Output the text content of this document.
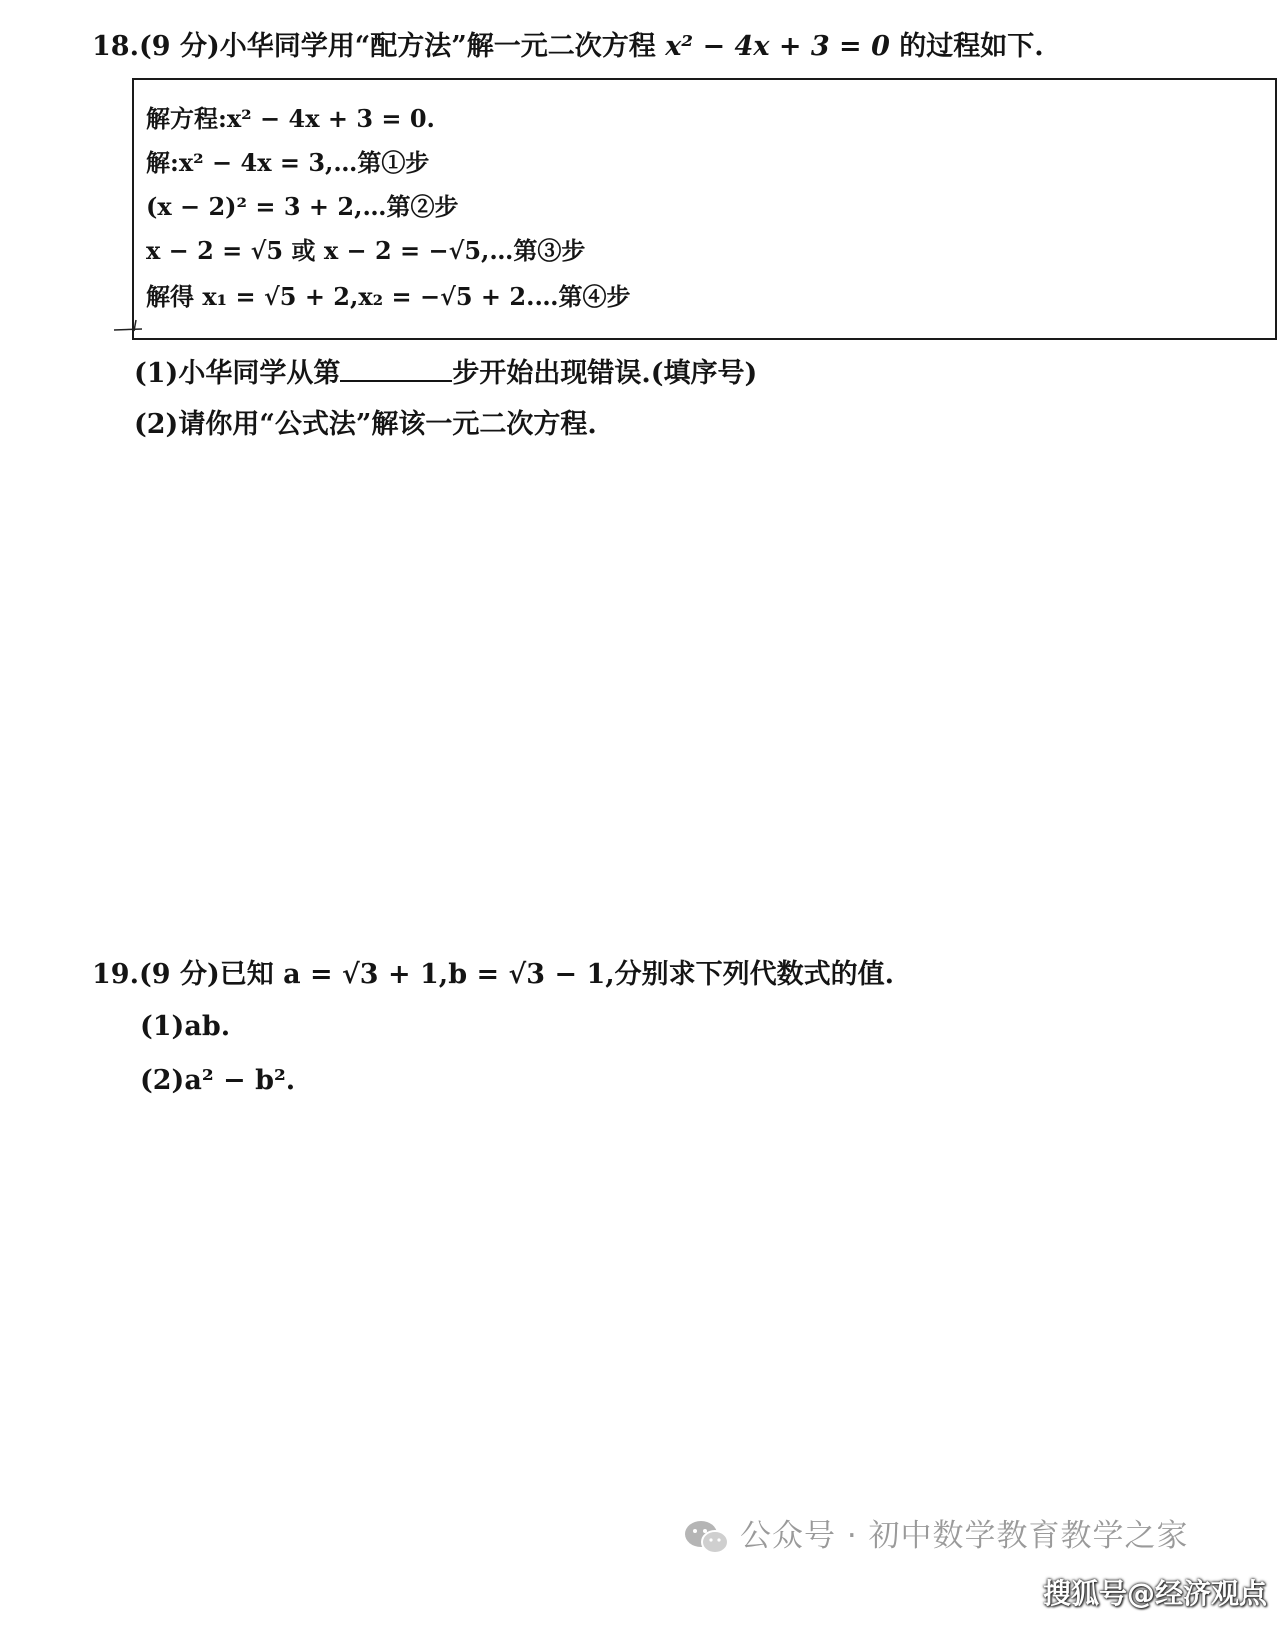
18.(9 分)小华同学用“配方法”解一元二次方程 x² − 4x + 3 = 0 的过程如下.
解方程:x² − 4x + 3 = 0.
解:x² − 4x = 3,…第①步
(x − 2)² = 3 + 2,…第②步
x − 2 = √5 或 x − 2 = −√5,…第③步
解得 x₁ = √5 + 2,x₂ = −√5 + 2.…第④步
(1)小华同学从第	步开始出现错误.(填序号)
(2)请你用“公式法”解该一元二次方程.
19.(9 分)已知 a = √3 + 1,b = √3 − 1,分别求下列代数式的值.
(1)ab.
(2)a² − b².
公众号 · 初中数学教育教学之家
搜狐号@经济观点
